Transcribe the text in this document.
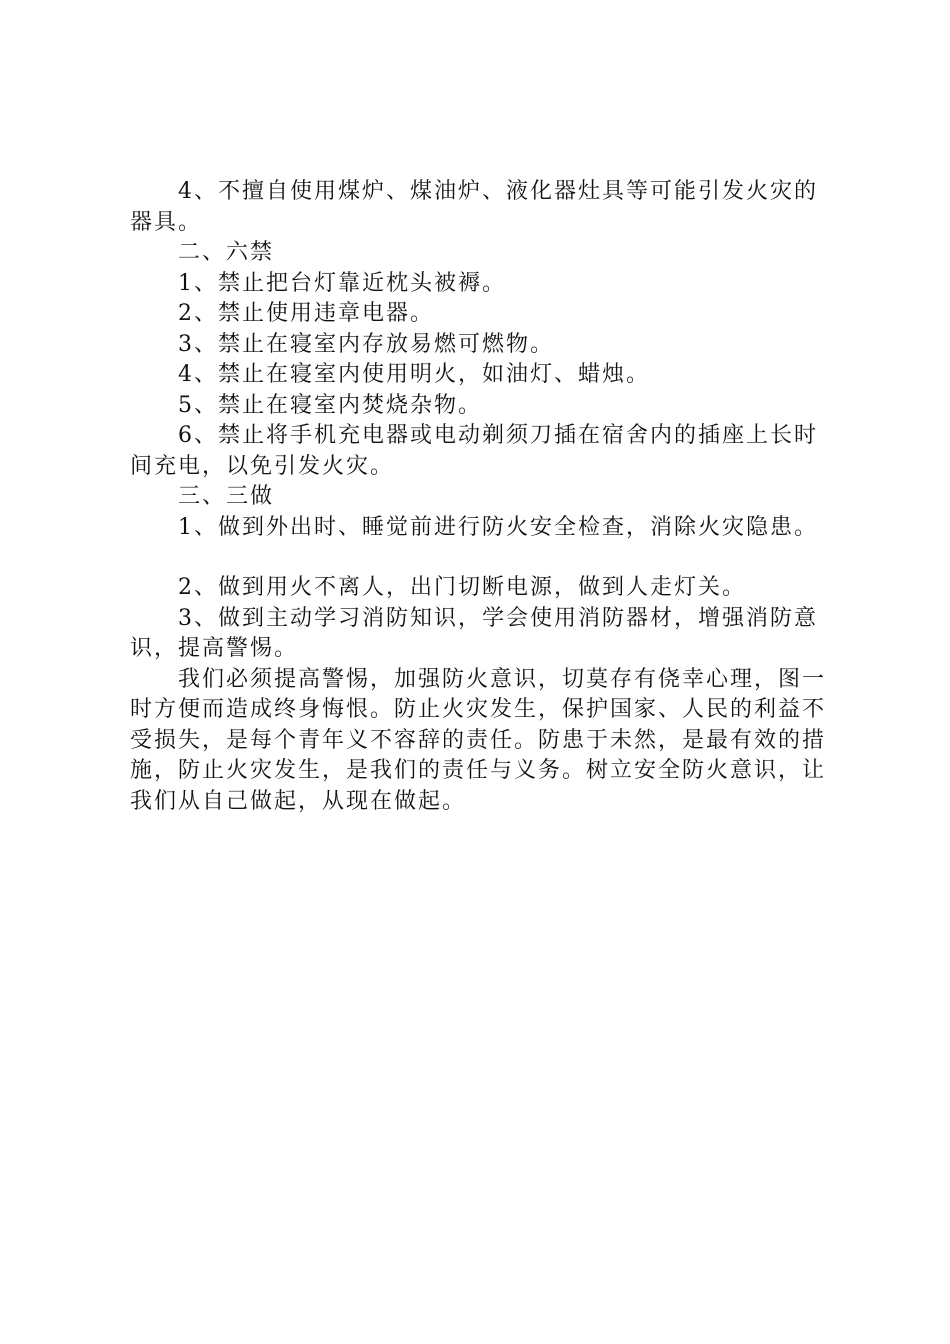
4、不擅自使用煤炉、煤油炉、液化器灶具等可能引发火灾的器具。

二、六禁

1、禁止把台灯靠近枕头被褥。

2、禁止使用违章电器。

3、禁止在寝室内存放易燃可燃物。

4、禁止在寝室内使用明火，如油灯、蜡烛。

5、禁止在寝室内焚烧杂物。

6、禁止将手机充电器或电动剃须刀插在宿舍内的插座上长时间充电，以免引发火灾。

三、三做

1、做到外出时、睡觉前进行防火安全检查，消除火灾隐患。

2、做到用火不离人，出门切断电源，做到人走灯关。

3、做到主动学习消防知识，学会使用消防器材，增强消防意识，提高警惕。

我们必须提高警惕，加强防火意识，切莫存有侥幸心理，图一时方便而造成终身悔恨。防止火灾发生，保护国家、人民的利益不受损失，是每个青年义不容辞的责任。防患于未然，是最有效的措施，防止火灾发生，是我们的责任与义务。树立安全防火意识，让我们从自己做起，从现在做起。
